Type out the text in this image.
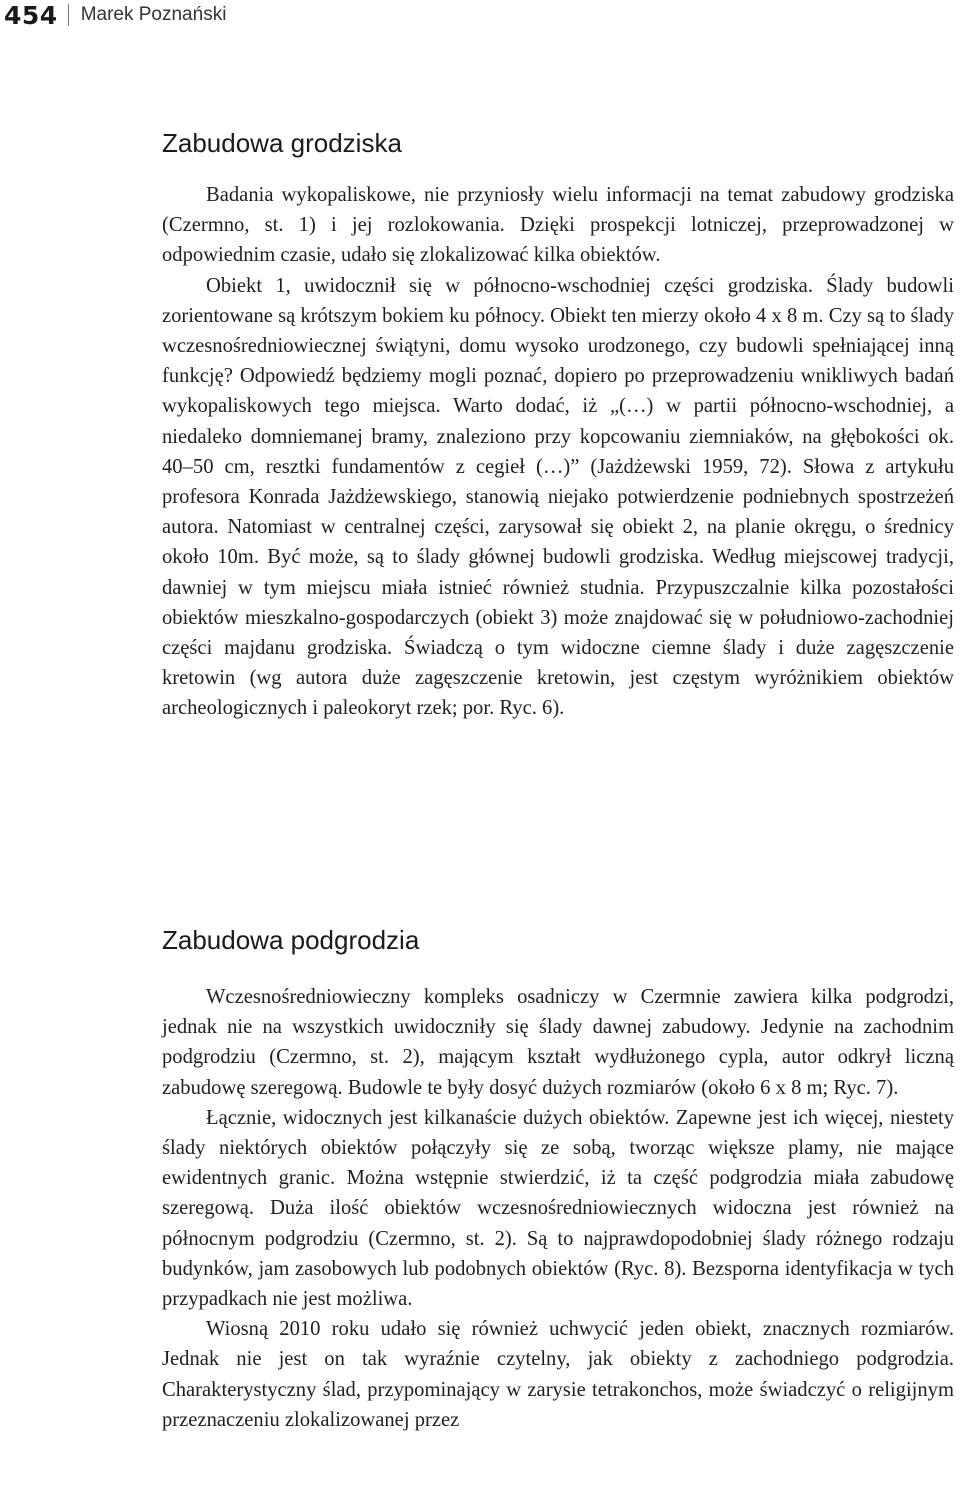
454 Marek Poznański
Zabudowa grodziska

Badania wykopaliskowe, nie przyniosły wielu informacji na temat zabudowy grodziska (Czermno, st. 1) i jej rozlokowania. Dzięki prospekcji lotniczej, przeprowadzonej w odpowiednim czasie, udało się zlokalizować kilka obiektów.

Obiekt 1, uwidocznił się w północno-wschodniej części grodziska. Ślady budowli zorientowane są krótszym bokiem ku północy. Obiekt ten mierzy około 4 x 8 m. Czy są to ślady wczesnośredniowiecznej świątyni, domu wysoko urodzonego, czy budowli spełniającej inną funkcję? Odpowiedź będziemy mogli poznać, dopiero po przeprowadzeniu wnikliwych badań wykopaliskowych tego miejsca. Warto dodać, iż „(…) w partii północno-wschodniej, a niedaleko domniemanej bramy, znaleziono przy kopcowaniu ziemniaków, na głębokości ok. 40–50 cm, resztki fundamentów z cegieł (…)” (Jażdżewski 1959, 72). Słowa z artykułu profesora Konrada Jażdżewskiego, stanowią niejako potwierdzenie podniebnych spostrzeżeń autora. Natomiast w centralnej części, zarysował się obiekt 2, na planie okręgu, o średnicy około 10m. Być może, są to ślady głównej budowli grodziska. Według miejscowej tradycji, dawniej w tym miejscu miała istnieć również studnia. Przypuszczalnie kilka pozostałości obiektów mieszkalno-gospodarczych (obiekt 3) może znajdować się w południowo-zachodniej części majdanu grodziska. Świadczą o tym widoczne ciemne ślady i duże zagęszczenie kretowin (wg autora duże zagęszczenie kretowin, jest częstym wyróżnikiem obiektów archeologicznych i paleokoryt rzek; por. Ryc. 6).

Zabudowa podgrodzia

Wczesnośredniowieczny kompleks osadniczy w Czermnie zawiera kilka podgrodzi, jednak nie na wszystkich uwidoczniły się ślady dawnej zabudowy. Jedynie na zachodnim podgrodziu (Czermno, st. 2), mającym kształt wydłużonego cypla, autor odkrył liczną zabudowę szeregową. Budowle te były dosyć dużych rozmiarów (około 6 x 8 m; Ryc. 7).

Łącznie, widocznych jest kilkanaście dużych obiektów. Zapewne jest ich więcej, niestety ślady niektórych obiektów połączyły się ze sobą, tworząc większe plamy, nie mające ewidentnych granic. Można wstępnie stwierdzić, iż ta część podgrodzia miała zabudowę szeregową. Duża ilość obiektów wczesnośredniowiecznych widoczna jest również na północnym podgrodziu (Czermno, st. 2). Są to najprawdopodobniej ślady różnego rodzaju budynków, jam zasobowych lub podobnych obiektów (Ryc. 8). Bezsporna identyfikacja w tych przypadkach nie jest możliwa.

Wiosną 2010 roku udało się również uchwycić jeden obiekt, znacznych rozmiarów. Jednak nie jest on tak wyraźnie czytelny, jak obiekty z zachodniego podgrodzia. Charakterystyczny ślad, przypominający w zarysie tetrakonchos, może świadczyć o religijnym przeznaczeniu zlokalizowanej przez
